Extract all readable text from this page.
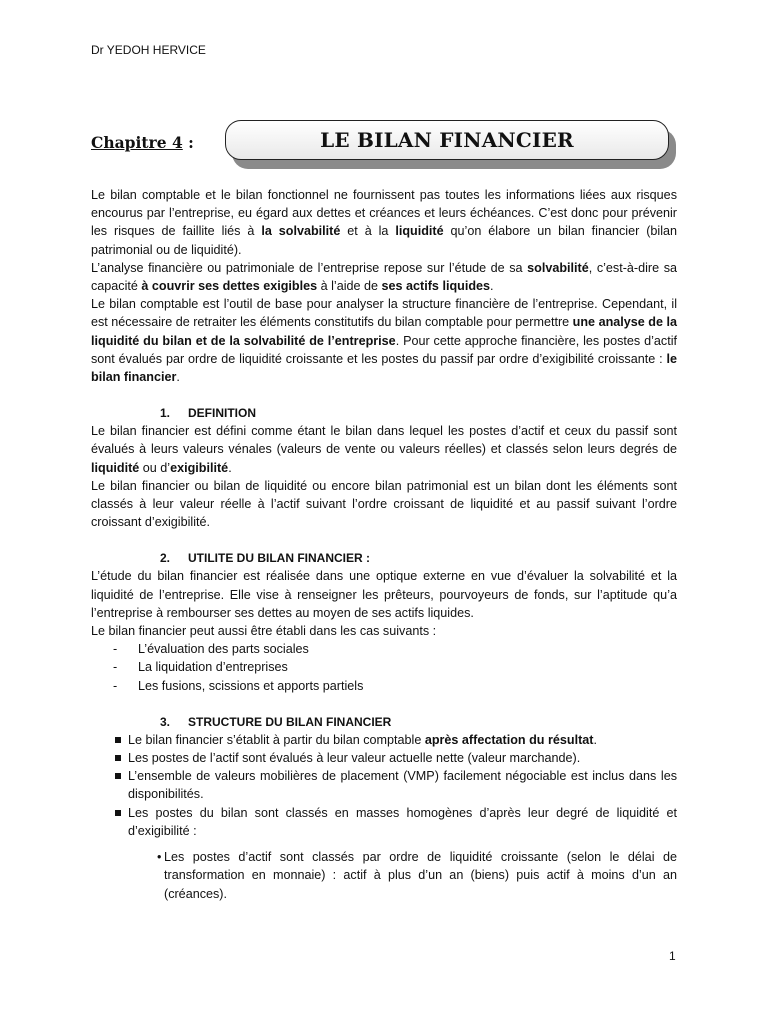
Dr YEDOH HERVICE
Chapitre 4 :	LE BILAN FINANCIER

Le bilan comptable et le bilan fonctionnel ne fournissent pas toutes les informations liées aux risques encourus par l’entreprise, eu égard aux dettes et créances et leurs échéances. C’est donc pour prévenir les risques de faillite liés à la solvabilité et à la liquidité qu’on élabore un bilan financier (bilan patrimonial ou de liquidité).

L’analyse financière ou patrimoniale de l’entreprise repose sur l’étude de sa solvabilité, c’est-à-dire sa capacité à couvrir ses dettes exigibles à l’aide de ses actifs liquides.

Le bilan comptable est l’outil de base pour analyser la structure financière de l’entreprise. Cependant, il est nécessaire de retraiter les éléments constitutifs du bilan comptable pour permettre une analyse de la liquidité du bilan et de la solvabilité de l’entreprise. Pour cette approche financière, les postes d’actif sont évalués par ordre de liquidité croissante et les postes du passif par ordre d’exigibilité croissante : le bilan financier.

1. DEFINITION

Le bilan financier est défini comme étant le bilan dans lequel les postes d’actif et ceux du passif sont évalués à leurs valeurs vénales (valeurs de vente ou valeurs réelles) et classés selon leurs degrés de liquidité ou d’exigibilité.

Le bilan financier ou bilan de liquidité ou encore bilan patrimonial est un bilan dont les éléments sont classés à leur valeur réelle à l’actif suivant l’ordre croissant de liquidité et au passif suivant l’ordre croissant d’exigibilité.

2. UTILITE DU BILAN FINANCIER :

L’étude du bilan financier est réalisée dans une optique externe en vue d’évaluer la solvabilité et la liquidité de l’entreprise. Elle vise à renseigner les prêteurs, pourvoyeurs de fonds, sur l’aptitude qu’a l’entreprise à rembourser ses dettes au moyen de ses actifs liquides.

Le bilan financier peut aussi être établi dans les cas suivants :

- L’évaluation des parts sociales
- La liquidation d’entreprises
- Les fusions, scissions et apports partiels
3. STRUCTURE DU BILAN FINANCIER
Le bilan financier s’établit à partir du bilan comptable après affectation du résultat.
Les postes de l’actif sont évalués à leur valeur actuelle nette (valeur marchande).
L’ensemble de valeurs mobilières de placement (VMP) facilement négociable est inclus dans les disponibilités.
Les postes du bilan sont classés en masses homogènes d’après leur degré de liquidité et d’exigibilité :
• Les postes d’actif sont classés par ordre de liquidité croissante (selon le délai de transformation en monnaie) : actif à plus d’un an (biens) puis actif à moins d’un an (créances).
1
